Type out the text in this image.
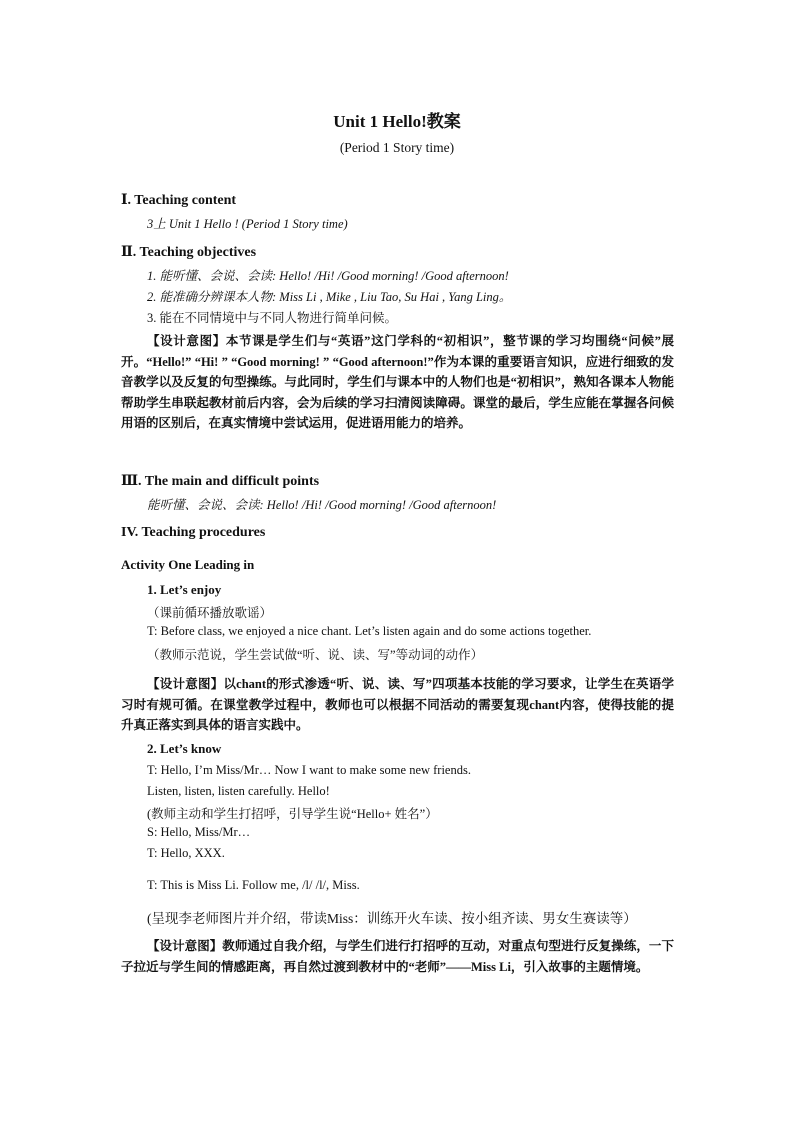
Unit 1 Hello!教案
(Period 1 Story time)
Ⅰ. Teaching content
3上 Unit 1 Hello ! (Period 1 Story time)
Ⅱ. Teaching objectives
1. 能听懂、会说、会读: Hello! /Hi! /Good morning! /Good afternoon!
2. 能准确分辨课本人物: Miss Li , Mike , Liu Tao, Su Hai , Yang Ling。
3. 能在不同情境中与不同人物进行简单问候。
【设计意图】本节课是学生们与“英语”这门学科的“初相识”，整节课的学习均围绕“问候”展开。“Hello!” “Hi! ” “Good morning! ” “Good afternoon!”作为本课的重要语言知识，应进行细致的发音教学以及反复的句型操练。与此同时，学生们与课本中的人物们也是“初相识”，熟知各课本人物能帮助学生串联起教材前后内容，会为后续的学习扫清阅读障碍。课堂的最后，学生应能在掌握各问候用语的区别后，在真实情境中尝试运用，促进语用能力的培养。
Ⅲ. The main and difficult points
能听懂、会说、会读: Hello! /Hi! /Good morning! /Good afternoon!
IV. Teaching procedures
Activity One Leading in
1. Let’s enjoy
（课前循环播放歌谣）
T: Before class, we enjoyed a nice chant. Let’s listen again and do some actions together.
（教师示范说，学生尝试做“听、说、读、写”等动词的动作）
【设计意图】以chant的形式渗透“听、说、读、写”四项基本技能的学习要求，让学生在英语学习时有规可循。在课堂教学过程中，教师也可以根据不同活动的需要复现chant内容，使得技能的提升真正落实到具体的语言实践中。
2. Let’s know
T: Hello, I’m Miss/Mr… Now I want to make some new friends.
Listen, listen, listen carefully. Hello!
(教师主动和学生打招呼，引导学生说“Hello+ 姓名”）
S: Hello, Miss/Mr…
T: Hello, XXX.
T: This is Miss Li. Follow me, /l/ /l/, Miss.
(呈现李老师图片并介绍，带读Miss：训练开火车读、按小组齐读、男女生赛读等）
【设计意图】教师通过自我介绍，与学生们进行打招呼的互动，对重点句型进行反复操练，一下子拉近与学生间的情感距离，再自然过渡到教材中的“老师”——Miss Li，引入故事的主题情境。
